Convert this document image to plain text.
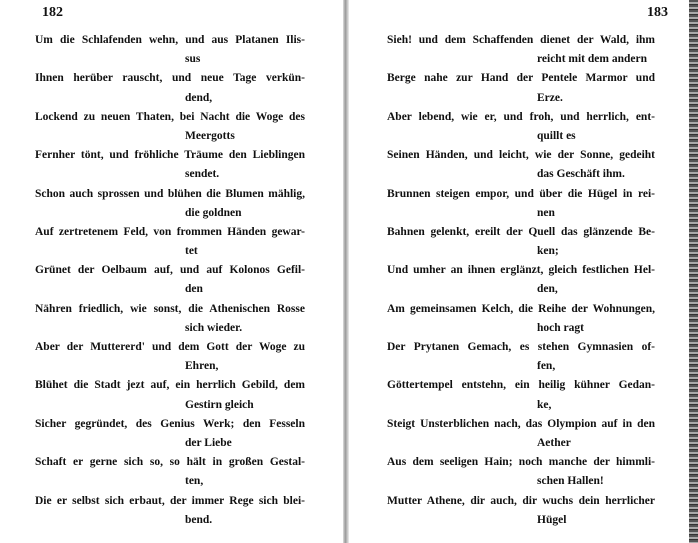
182
Um die Schlafenden wehn, und aus Platanen Ilis-
sus
Ihnen herüber rauscht, und neue Tage verkün-
dend,
Lockend zu neuen Thaten, bei Nacht die Woge des
Meergotts
Fernher tönt, und fröhliche Träume den Lieblingen
sendet.
Schon auch sprossen und blühen die Blumen mählig,
die goldnen
Auf zertretenem Feld, von frommen Händen gewar-
tet
Grünet der Oelbaum auf, und auf Kolonos Gefil-
den
Nähren friedlich, wie sonst, die Athenischen Rosse
sich wieder.
Aber der Muttererd' und dem Gott der Woge zu
Ehren,
Blühet die Stadt jezt auf, ein herrlich Gebild, dem
Gestirn gleich
Sicher gegründet, des Genius Werk; den Fesseln
der Liebe
Schaft er gerne sich so, so hält in großen Gestal-
ten,
Die er selbst sich erbaut, der immer Rege sich blei-
bend.
183
Sieh! und dem Schaffenden dienet der Wald, ihm
reicht mit dem andern
Berge nahe zur Hand der Pentele Marmor und
Erze.
Aber lebend, wie er, und froh, und herrlich, ent-
quillt es
Seinen Händen, und leicht, wie der Sonne, gedeiht
das Geschäft ihm.
Brunnen steigen empor, und über die Hügel in rei-
nen
Bahnen gelenkt, ereilt der Quell das glänzende Be-
ken;
Und umher an ihnen erglänzt, gleich festlichen Hel-
den,
Am gemeinsamen Kelch, die Reihe der Wohnungen,
hoch ragt
Der Prytanen Gemach, es stehen Gymnasien of-
fen,
Göttertempel entstehn, ein heilig kühner Gedan-
ke,
Steigt Unsterblichen nach, das Olympion auf in den
Aether
Aus dem seeligen Hain; noch manche der himmli-
schen Hallen!
Mutter Athene, dir auch, dir wuchs dein herrlicher
Hügel
